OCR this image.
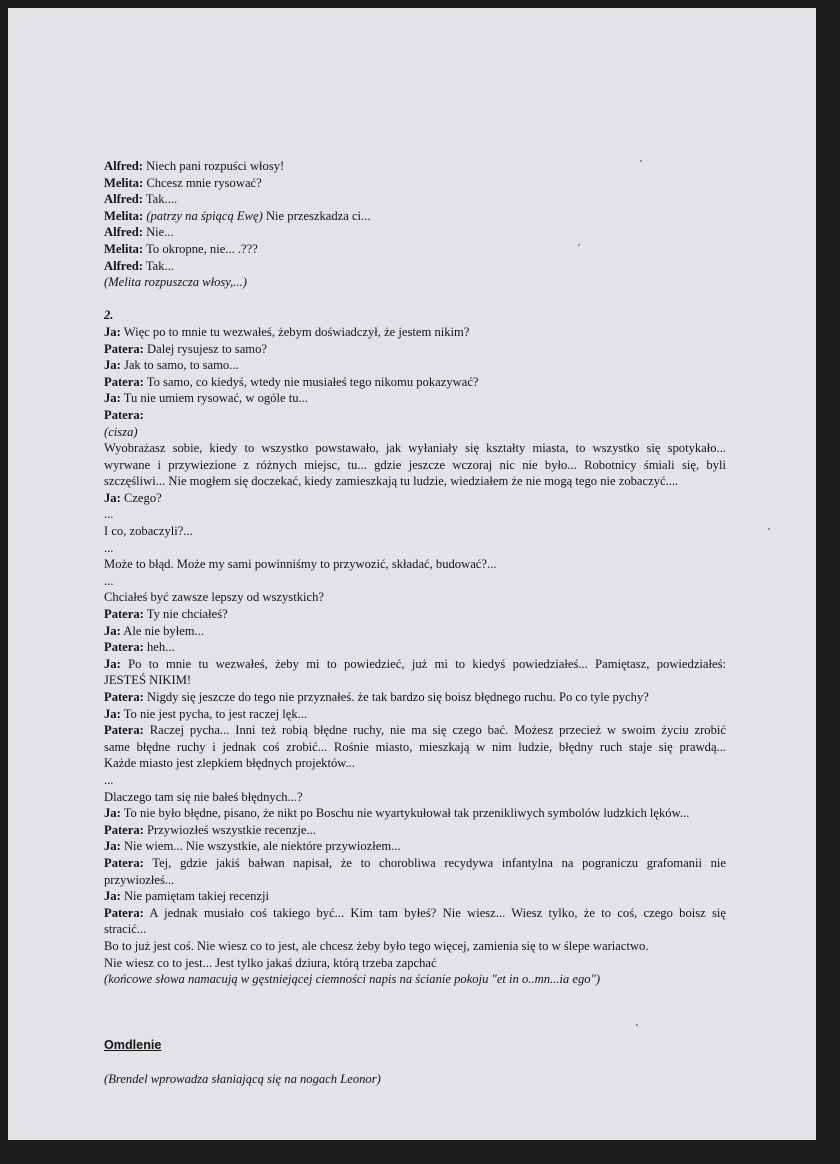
Alfred: Niech pani rozpuści włosy!

Melita: Chcesz mnie rysować?

Alfred: Tak....

Melita: (patrzy na śpiącą Ewę) Nie przeszkadza ci...

Alfred: Nie...

Melita: To okropne, nie... .???

Alfred: Tak...

(Melita rozpuszcza włosy,...)

2.

Ja: Więc po to mnie tu wezwałeś, żebym doświadczył, że jestem nikim?

Patera: Dalej rysujesz to samo?

Ja: Jak to samo, to samo...

Patera: To samo, co kiedyś, wtedy nie musiałeś tego nikomu pokazywać?

Ja: Tu nie umiem rysować, w ogóle tu...

Patera:

(cisza)

Wyobrażasz sobie, kiedy to wszystko powstawało, jak wyłaniały się kształty miasta, to wszystko się spotykało...

wyrwane i przywiezione z różnych miejsc, tu... gdzie jeszcze wczoraj nic nie było... Robotnicy śmiali się, byli

szczęśliwi... Nie mogłem się doczekać, kiedy zamieszkają tu ludzie, wiedziałem że nie mogą tego nie zobaczyć....

Ja: Czego?

...

I co, zobaczyli?...

...

Może to błąd. Może my sami powinniśmy to przywozić, składać, budować?...

...

Chciałeś być zawsze lepszy od wszystkich?

Patera: Ty nie chciałeś?

Ja: Ale nie byłem...

Patera: heh...

Ja: Po to mnie tu wezwałeś, żeby mi to powiedzieć, już mi to kiedyś powiedziałeś... Pamiętasz, powiedziałeś:

JESTEŚ NIKIM!

Patera: Nigdy się jeszcze do tego nie przyznałeś. że tak bardzo się boisz błędnego ruchu. Po co tyle pychy?

Ja: To nie jest pycha, to jest raczej lęk...

Patera: Raczej pycha... Inni też robią błędne ruchy, nie ma się czego bać. Możesz przecież w swoim życiu zrobić

same błędne ruchy i jednak coś zrobić... Rośnie miasto, mieszkają w nim ludzie, błędny ruch staje się prawdą...

Każde miasto jest zlepkiem błędnych projektów...

...

Dlaczego tam się nie bałeś błędnych...?

Ja: To nie było błędne, pisano, że nikt po Boschu nie wyartykułował tak przenikliwych symbolów ludzkich lęków...

Patera: Przywiozłeś wszystkie recenzje...

Ja: Nie wiem... Nie wszystkie, ale niektóre przywiozłem...

Patera: Tej, gdzie jakiś bałwan napisał, że to chorobliwa recydywa infantylna na pograniczu grafomanii nie

przywiozłeś...

Ja: Nie pamiętam takiej recenzji

Patera: A jednak musiało coś takiego być... Kim tam byłeś? Nie wiesz... Wiesz tylko, że to coś, czego boisz się

stracić...

Bo to już jest coś. Nie wiesz co to jest, ale chcesz żeby było tego więcej, zamienia się to w ślepe wariactwo.

Nie wiesz co to jest... Jest tylko jakaś dziura, którą trzeba zapchać

(końcowe słowa namacują w gęstniejącej ciemności napis na ścianie pokoju "et in o..mn...ia ego")

Omdlenie

(Brendel wprowadza słaniającą się na nogach Leonor)
